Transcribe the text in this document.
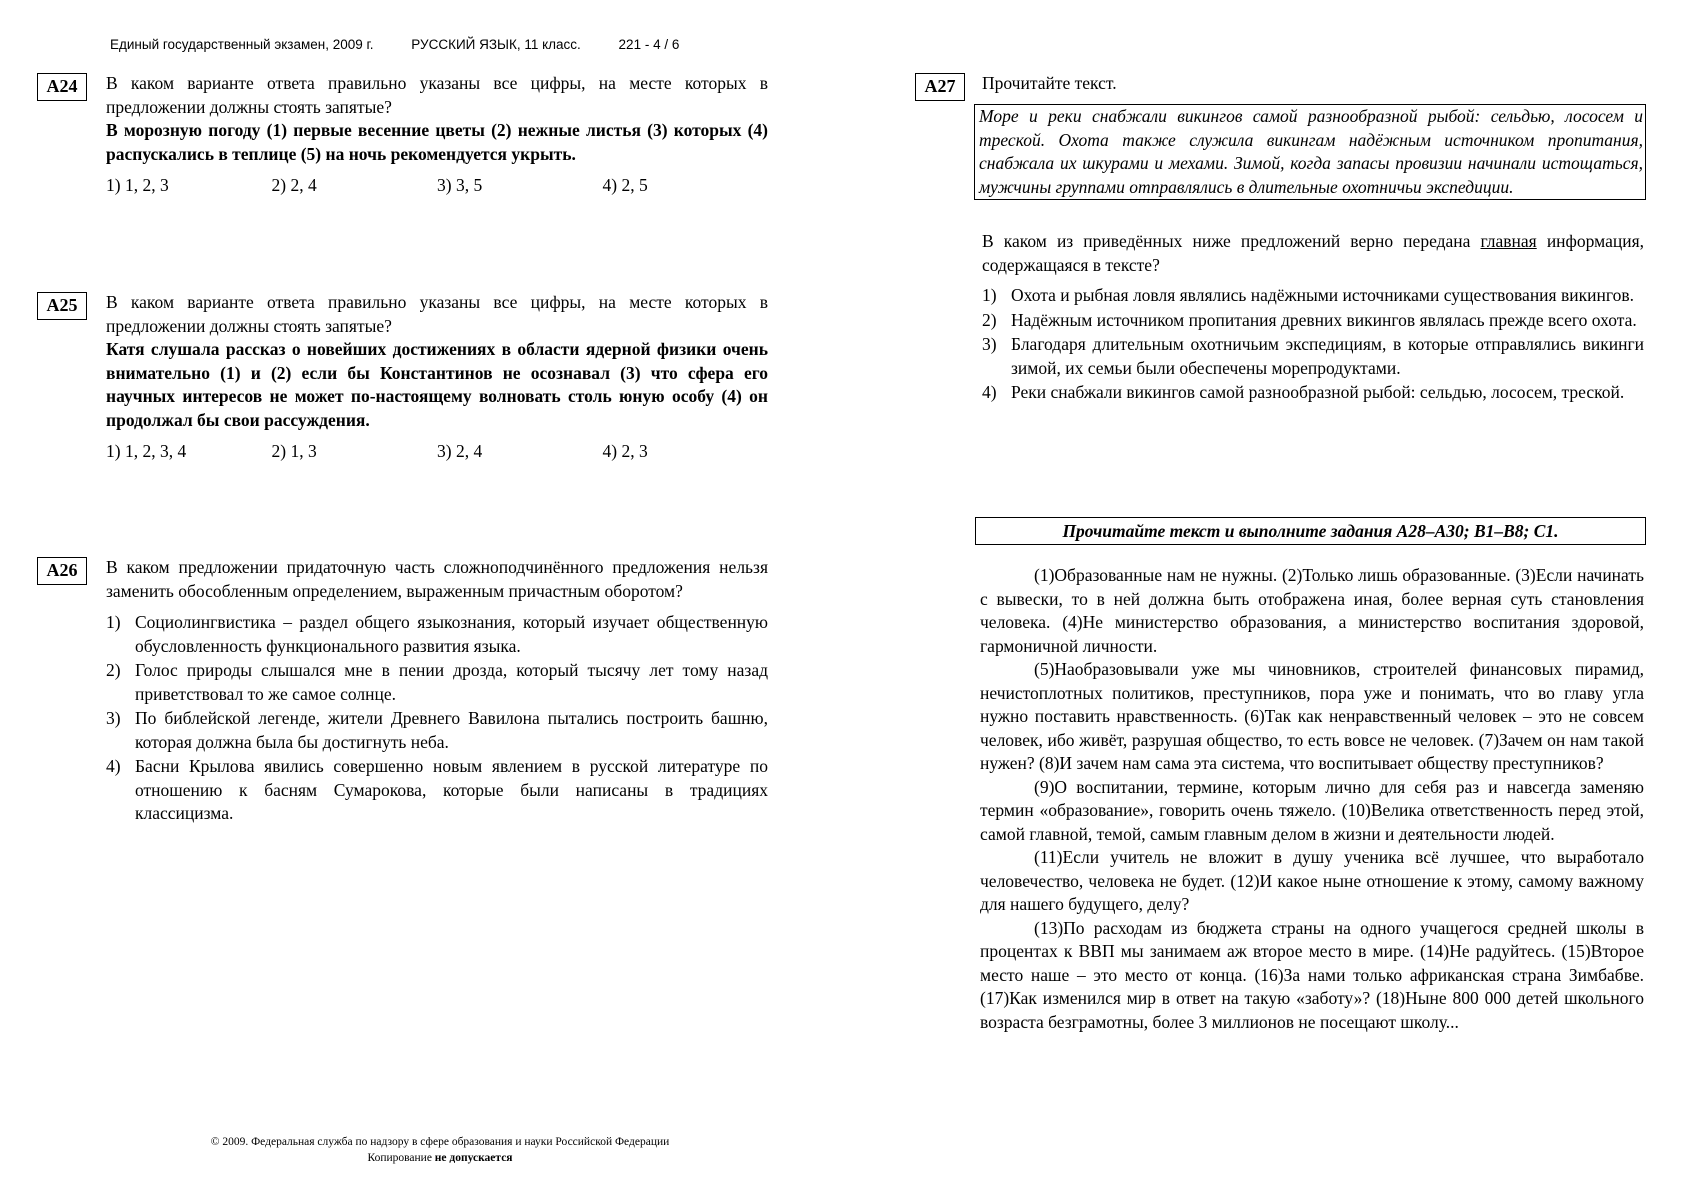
Единый государственный экзамен, 2009 г.	РУССКИЙ ЯЗЫК, 11 класс.	221 - 4 / 6
А24	В каком варианте ответа правильно указаны все цифры, на месте которых в предложении должны стоять запятые?

В морозную погоду (1) первые весенние цветы (2) нежные листья (3) которых (4) распускались в теплице (5) на ночь рекомендуется укрыть.

1) 1, 2, 3	2) 2, 4	3) 3, 5	4) 2, 5
А25	В каком варианте ответа правильно указаны все цифры, на месте которых в предложении должны стоять запятые?

Катя слушала рассказ о новейших достижениях в области ядерной физики очень внимательно (1) и (2) если бы Константинов не осознавал (3) что сфера его научных интересов не может по-настоящему волновать столь юную особу (4) он продолжал бы свои рассуждения.

1) 1, 2, 3, 4	2) 1, 3	3) 2, 4	4) 2, 3
А26	В каком предложении придаточную часть сложноподчинённого предложения нельзя заменить обособленным определением, выраженным причастным оборотом?

1) Социолингвистика – раздел общего языкознания, который изучает общественную обусловленность функционального развития языка.
2) Голос природы слышался мне в пении дрозда, который тысячу лет тому назад приветствовал то же самое солнце.
3) По библейской легенде, жители Древнего Вавилона пытались построить башню, которая должна была бы достигнуть неба.
4) Басни Крылова явились совершенно новым явлением в русской литературе по отношению к басням Сумарокова, которые были написаны в традициях классицизма.
А27	Прочитайте текст.
Море и реки снабжали викингов самой разнообразной рыбой: сельдью, лососем и треской. Охота также служила викингам надёжным источником пропитания, снабжала их шкурами и мехами. Зимой, когда запасы провизии начинали истощаться, мужчины группами отправлялись в длительные охотничьи экспедиции.

В каком из приведённых ниже предложений верно передана главная информация, содержащаяся в тексте?

1) Охота и рыбная ловля являлись надёжными источниками существования викингов.
2) Надёжным источником пропитания древних викингов являлась прежде всего охота.
3) Благодаря длительным охотничьим экспедициям, в которые отправлялись викинги зимой, их семьи были обеспечены морепродуктами.
4) Реки снабжали викингов самой разнообразной рыбой: сельдью, лососем, треской.
Прочитайте текст и выполните задания А28–А30; В1–В8; С1.

(1)Образованные нам не нужны. (2)Только лишь образованные. (3)Если начинать с вывески, то в ней должна быть отображена иная, более верная суть становления человека. (4)Не министерство образования, а министерство воспитания здоровой, гармоничной личности.

(5)Наобразовывали уже мы чиновников, строителей финансовых пирамид, нечистоплотных политиков, преступников, пора уже и понимать, что во главу угла нужно поставить нравственность. (6)Так как ненравственный человек – это не совсем человек, ибо живёт, разрушая общество, то есть вовсе не человек. (7)Зачем он нам такой нужен? (8)И зачем нам сама эта система, что воспитывает обществу преступников?

(9)О воспитании, термине, которым лично для себя раз и навсегда заменяю термин «образование», говорить очень тяжело. (10)Велика ответственность перед этой, самой главной, темой, самым главным делом в жизни и деятельности людей.

(11)Если учитель не вложит в душу ученика всё лучшее, что выработало человечество, человека не будет. (12)И какое ныне отношение к этому, самому важному для нашего будущего, делу?

(13)По расходам из бюджета страны на одного учащегося средней школы в процентах к ВВП мы занимаем аж второе место в мире. (14)Не радуйтесь. (15)Второе место наше – это место от конца. (16)За нами только африканская страна Зимбабве. (17)Как изменился мир в ответ на такую «заботу»? (18)Ныне 800 000 детей школьного возраста безграмотны, более 3 миллионов не посещают школу...

© 2009. Федеральная служба по надзору в сфере образования и науки Российской Федерации
Копирование не допускается
